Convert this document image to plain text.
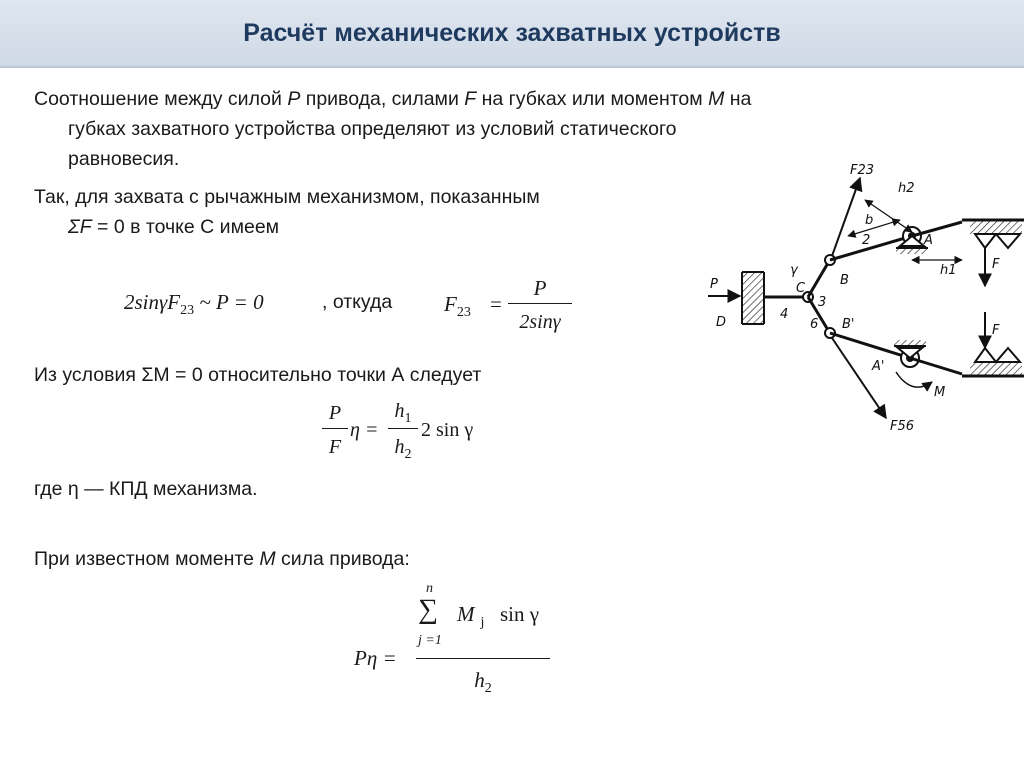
Расчёт механических захватных устройств
Соотношение между силой P привода, силами F на губках или моментом M на
губках захватного устройства определяют из условий статического
равновесия.
Так, для захвата с рычажным механизмом, показанным
ΣF = 0 в точке С имеем
2sinγF$_{23}$ ~ P = 0	, откуда $F_{23}$ =
P
2sinγ
Из условия ΣМ = 0 относительно точки А следует
P
F
η =
$h_1$
$h_2$
2 sin γ
где η — КПД механизма.
При известном моменте M сила привода:
Pη =
n
∑
j =1
M $_j$ sin γ
$h_2$
F23
h2
b
2	A
h1	F
γ
B
C
3
P
D
4
6 B'	F
A'
M
F56
